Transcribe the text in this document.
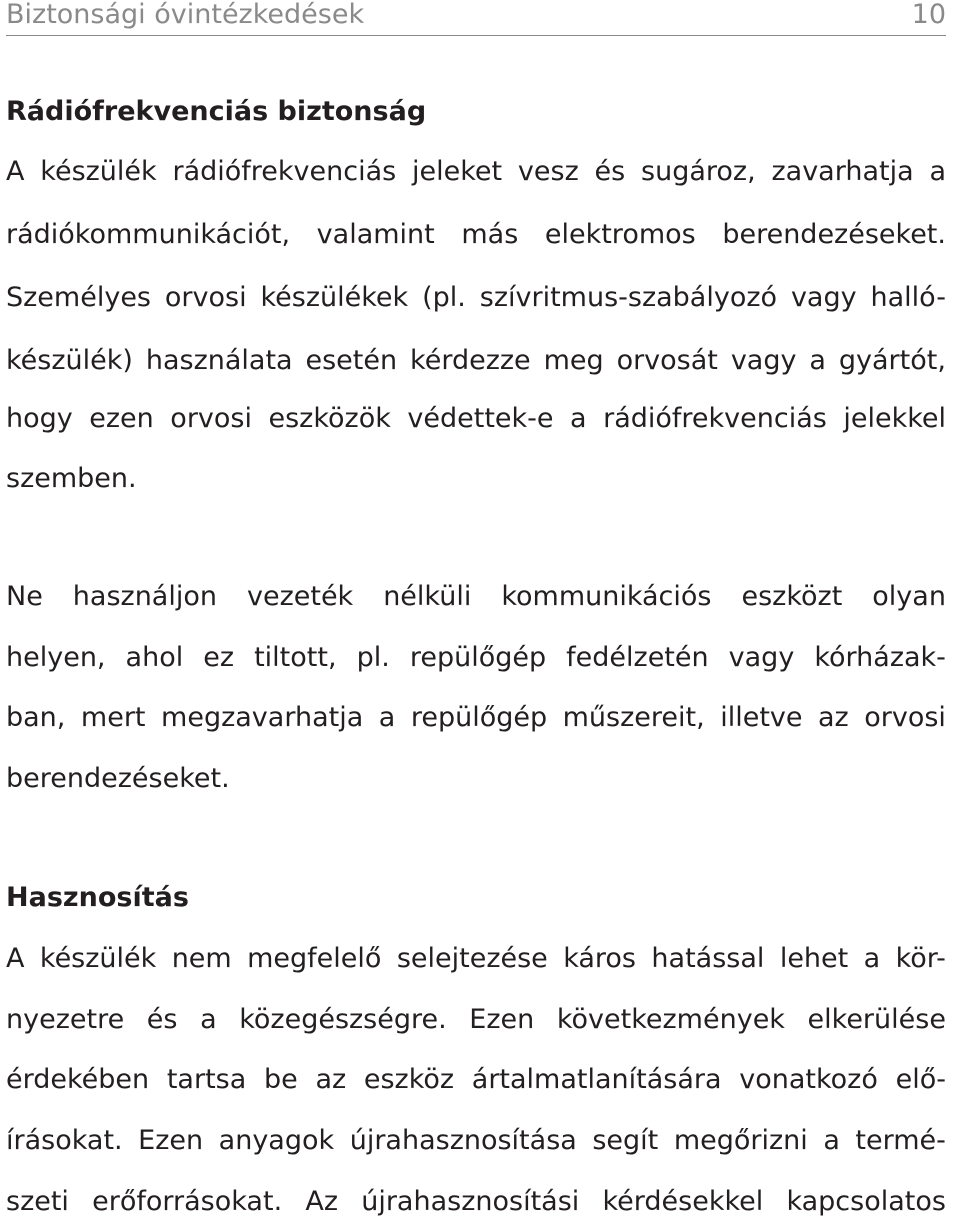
Biztonsági óvintézkedések	10
Rádiófrekvenciás biztonság
A készülék rádiófrekvenciás jeleket vesz és sugároz, zavarhatja a
rádiókommunikációt, valamint más elektromos berendezéseket.
Személyes orvosi készülékek (pl. szívritmus-szabályozó vagy halló-
készülék) használata esetén kérdezze meg orvosát vagy a gyártót,
hogy ezen orvosi eszközök védettek-e a rádiófrekvenciás jelekkel
szemben.
Ne használjon vezeték nélküli kommunikációs eszközt olyan
helyen, ahol ez tiltott, pl. repülőgép fedélzetén vagy kórházak-
ban, mert megzavarhatja a repülőgép műszereit, illetve az orvosi
berendezéseket.
Hasznosítás
A készülék nem megfelelő selejtezése káros hatással lehet a kör-
nyezetre és a közegészségre. Ezen következmények elkerülése
érdekében tartsa be az eszköz ártalmatlanítására vonatkozó elő-
írásokat. Ezen anyagok újrahasznosítása segít megőrizni a termé-
szeti erőforrásokat. Az újrahasznosítási kérdésekkel kapcsolatos
